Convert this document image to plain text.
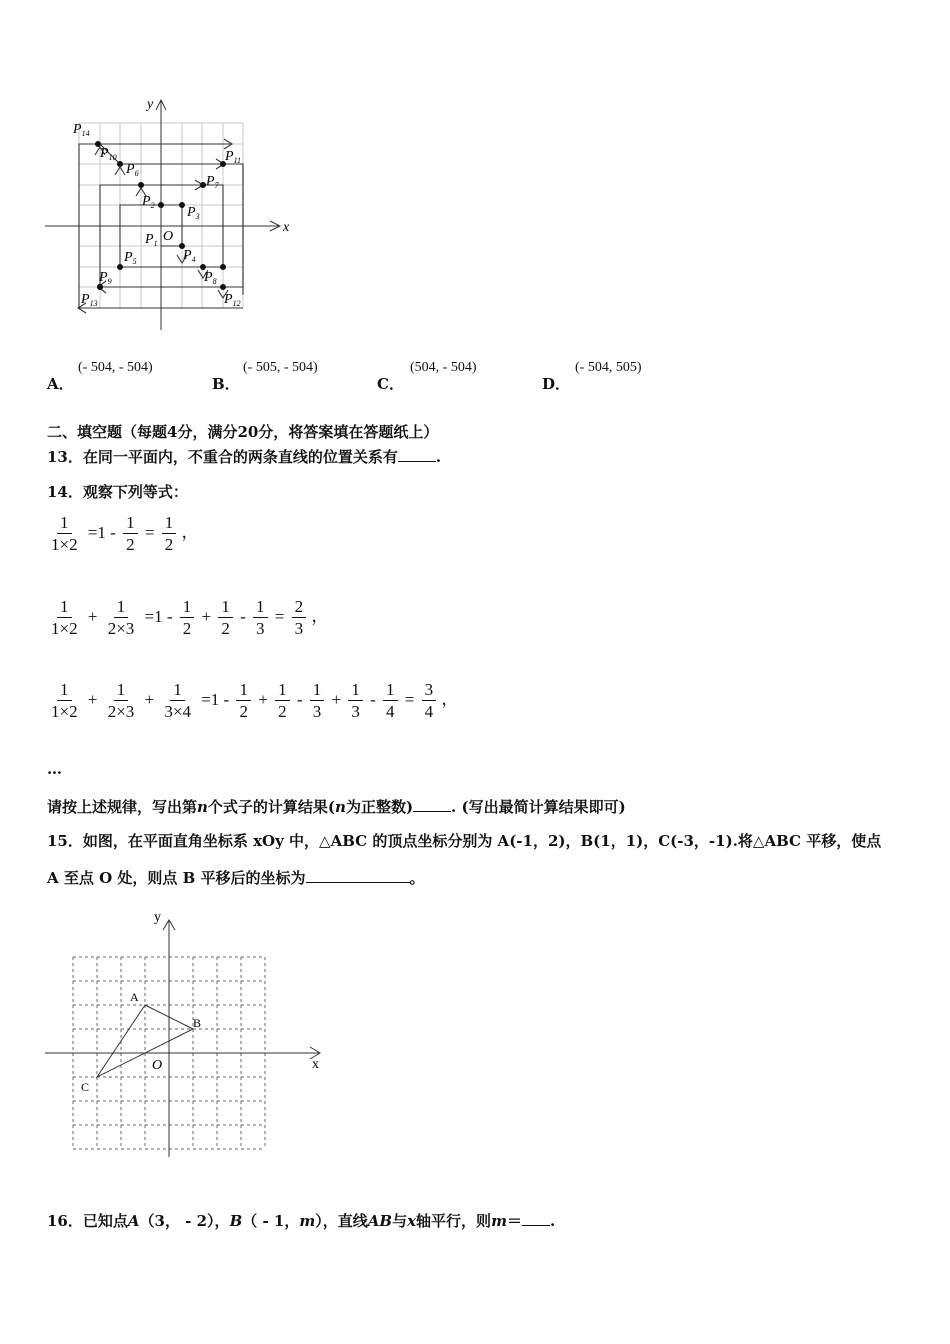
x
y
O
$P_1$
$P_2$ $P_3$
$P_4$
$P_5$
$P_6$
$P_7$
$P_8$
$P_9$
$P_{10}$	$P_{11}$
$P_{12}$
$P_{13}$
$P_{14}$
A．
(- 504, - 504)
B．
(- 505, - 504)
C．
(504, - 504)
D．
(- 504, 505)
二、填空题（每题4分，满分20分，将答案填在答题纸上）
13．在同一平面内，不重合的两条直线的位置关系有	.
14．观察下列等式：
$\frac{1}{1\times 2} =1 - \frac{1}{2} = \frac{1}{2}$ ，
$\frac{1}{1\times 2} + \frac{1}{2\times 3} =1 - \frac{1}{2} + \frac{1}{2} - \frac{1}{3} = \frac{2}{3}$ ，
$\frac{1}{1\times 2} + \frac{1}{2\times 3} + \frac{1}{3\times 4} =1 - \frac{1}{2} + \frac{1}{2} - \frac{1}{3} + \frac{1}{3} - \frac{1}{4} = \frac{3}{4}$ ，
…
请按上述规律，写出第n个式子的计算结果(n为正整数)	. (写出最简计算结果即可)
15．如图，在平面直角坐标系 xOy 中，△ABC 的顶点坐标分别为 A(-1，2)，B(1，1)，C(-3，-1).将△ABC 平移，使点
A 至点 O 处，则点 B 平移后的坐标为	。
x
y
O
A
B
C
16．已知点A（3， - 2），B（ - 1，m），直线AB与x轴平行，则m＝ .
